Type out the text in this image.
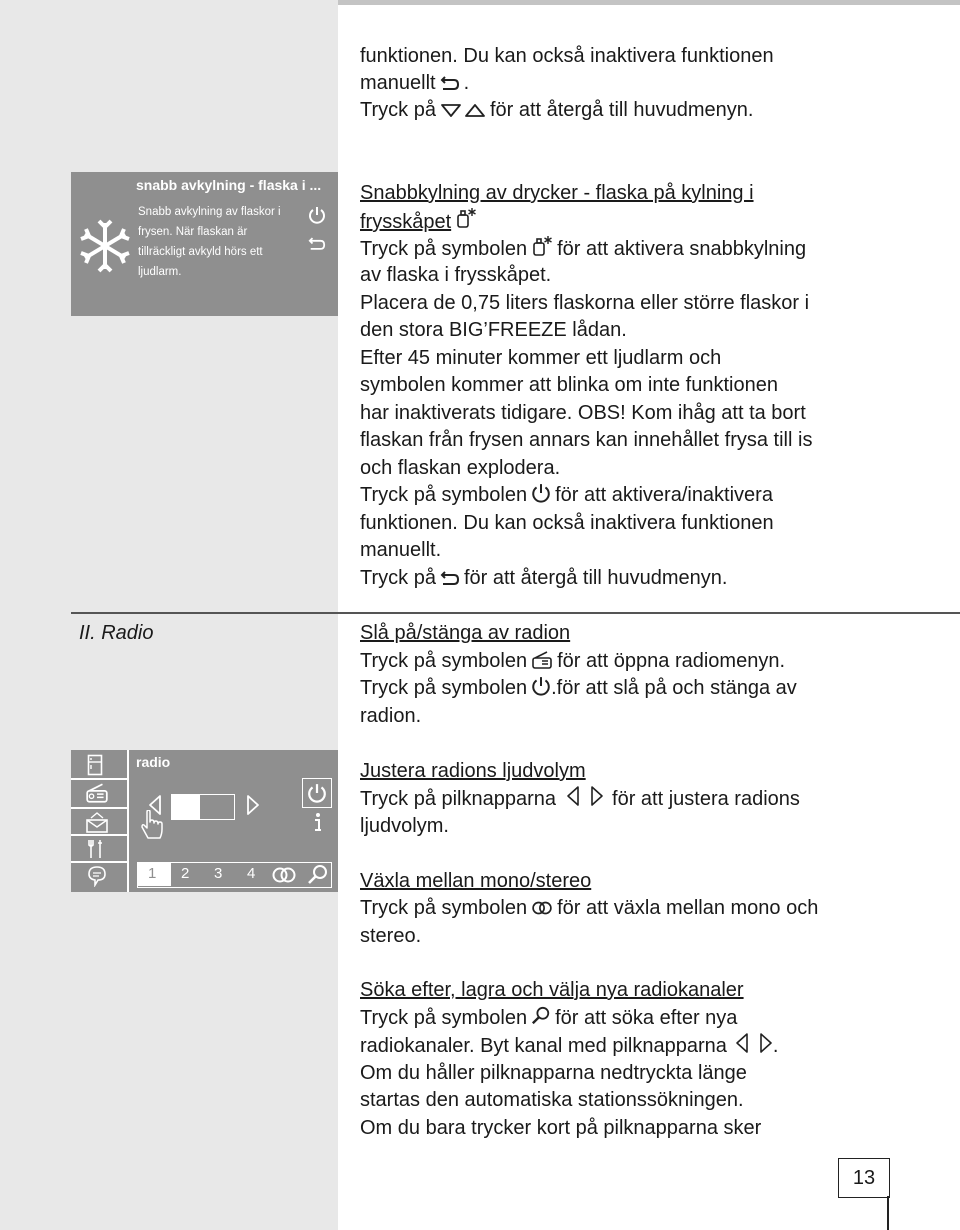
funktionen. Du kan också inaktivera funktionen
manuellt .
Tryck på	för att återgå till huvudmenyn.
snabb avkylning - flaska i ...
Snabb avkylning av flaskor i
frysen. När flaskan är
tillräckligt avkyld hörs ett
ljudlarm.
Snabbkylning av drycker - flaska på kylning i
frysskåpet
Tryck på symbolen för att aktivera snabbkylning
av flaska i frysskåpet.
Placera de 0,75 liters flaskorna eller större flaskor i
den stora BIG’FREEZE lådan.
Efter 45 minuter kommer ett ljudlarm och
symbolen kommer att blinka om inte funktionen
har inaktiverats tidigare. OBS! Kom ihåg att ta bort
flaskan från frysen annars kan innehållet frysa till is
och flaskan explodera.
Tryck på symbolen för att aktivera/inaktivera
funktionen. Du kan också inaktivera funktionen
manuellt.
Tryck på för att återgå till huvudmenyn.
II. Radio	Slå på/stänga av radion
Tryck på symbolen för att öppna radiomenyn.
Tryck på symbolen .för att slå på och stänga av
radion.
radio
1 2 3 4
Justera radions ljudvolym
Tryck på pilknapparna	för att justera radions
ljudvolym.
Växla mellan mono/stereo
Tryck på symbolen för att växla mellan mono och
stereo.
Söka efter, lagra och välja nya radiokanaler
Tryck på symbolen för att söka efter nya
radiokanaler. Byt kanal med pilknapparna .
Om du håller pilknapparna nedtryckta länge
startas den automatiska stationssökningen.
Om du bara trycker kort på pilknapparna sker
13
